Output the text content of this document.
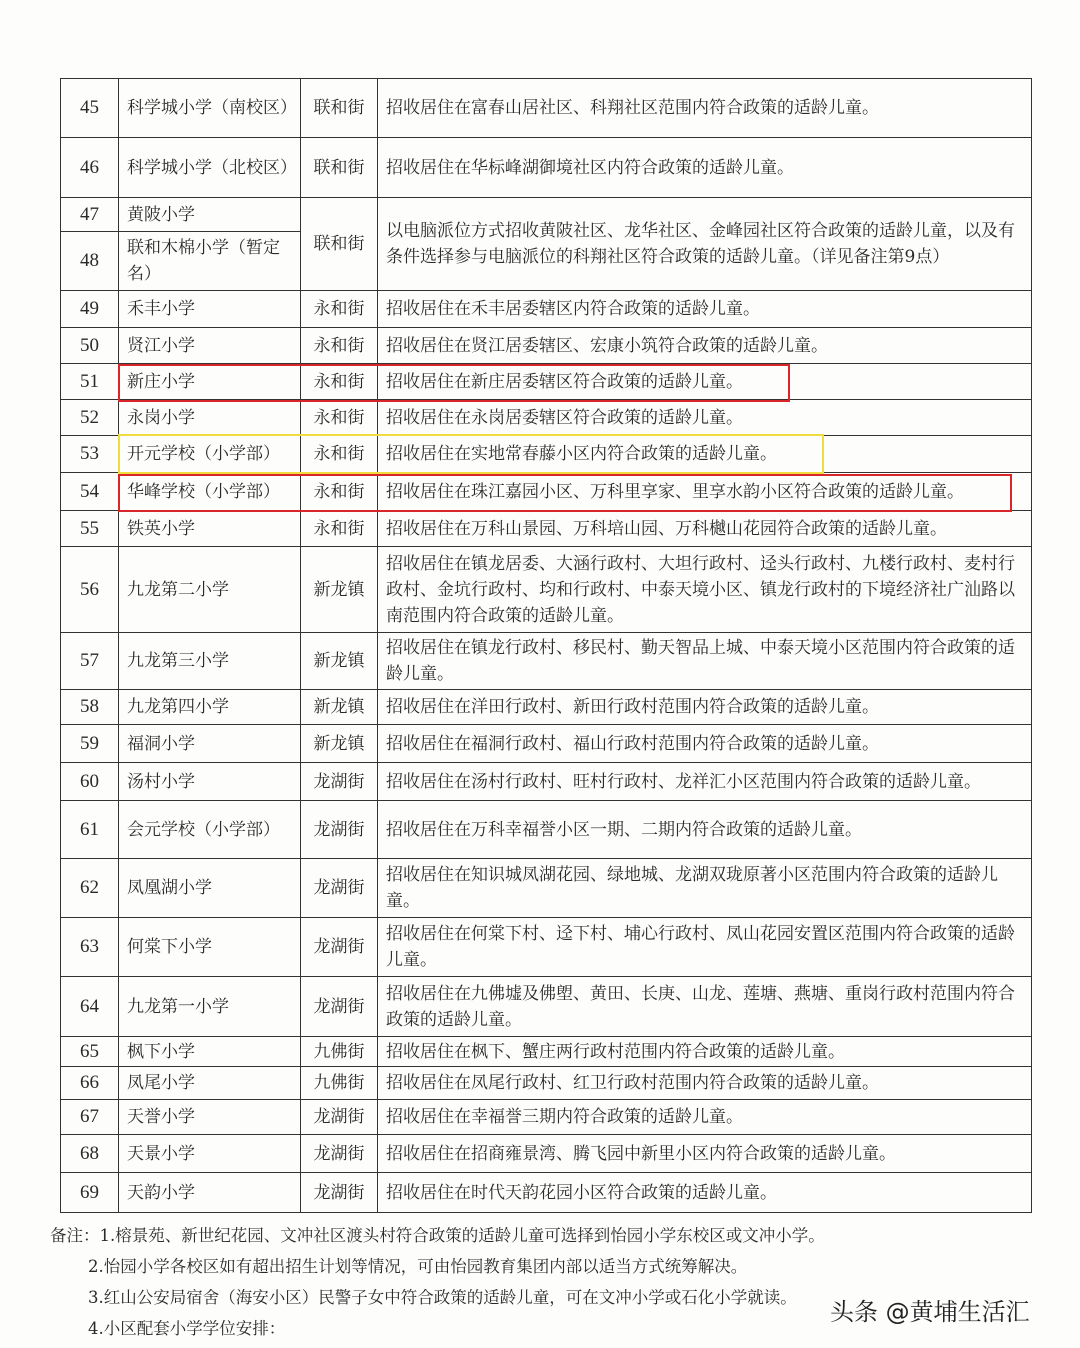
45	科学城小学（南校区）	联和街	招收居住在富春山居社区、科翔社区范围内符合政策的适龄儿童。
46	科学城小学（北校区）	联和街	招收居住在华标峰湖御境社区内符合政策的适龄儿童。
47	黄陂小学	联和街	以电脑派位方式招收黄陂社区、龙华社区、金峰园社区符合政策的适龄儿童，以及有条件选择参与电脑派位的科翔社区符合政策的适龄儿童。（详见备注第9点）
48	联和木棉小学（暂定名）		
49	禾丰小学	永和街	招收居住在禾丰居委辖区内符合政策的适龄儿童。
50	贤江小学	永和街	招收居住在贤江居委辖区、宏康小筑符合政策的适龄儿童。
51	新庄小学	永和街	招收居住在新庄居委辖区符合政策的适龄儿童。
52	永岗小学	永和街	招收居住在永岗居委辖区符合政策的适龄儿童。
53	开元学校（小学部）	永和街	招收居住在实地常春藤小区内符合政策的适龄儿童。
54	华峰学校（小学部）	永和街	招收居住在珠江嘉园小区、万科里享家、里享水韵小区符合政策的适龄儿童。
55	铁英小学	永和街	招收居住在万科山景园、万科培山园、万科樾山花园符合政策的适龄儿童。
56	九龙第二小学	新龙镇	招收居住在镇龙居委、大涵行政村、大坦行政村、迳头行政村、九楼行政村、麦村行政村、金坑行政村、均和行政村、中泰天境小区、镇龙行政村的下境经济社广汕路以南范围内符合政策的适龄儿童。
57	九龙第三小学	新龙镇	招收居住在镇龙行政村、移民村、勤天智品上城、中泰天境小区范围内符合政策的适龄儿童。
58	九龙第四小学	新龙镇	招收居住在洋田行政村、新田行政村范围内符合政策的适龄儿童。
59	福洞小学	新龙镇	招收居住在福洞行政村、福山行政村范围内符合政策的适龄儿童。
60	汤村小学	龙湖街	招收居住在汤村行政村、旺村行政村、龙祥汇小区范围内符合政策的适龄儿童。
61	会元学校（小学部）	龙湖街	招收居住在万科幸福誉小区一期、二期内符合政策的适龄儿童。
62	凤凰湖小学	龙湖街	招收居住在知识城凤湖花园、绿地城、龙湖双珑原著小区范围内符合政策的适龄儿童。
63	何棠下小学	龙湖街	招收居住在何棠下村、迳下村、埔心行政村、凤山花园安置区范围内符合政策的适龄儿童。
64	九龙第一小学	龙湖街	招收居住在九佛墟及佛塱、黄田、长庚、山龙、莲塘、燕塘、重岗行政村范围内符合政策的适龄儿童。
65	枫下小学	九佛街	招收居住在枫下、蟹庄两行政村范围内符合政策的适龄儿童。
66	凤尾小学	九佛街	招收居住在凤尾行政村、红卫行政村范围内符合政策的适龄儿童。
67	天誉小学	龙湖街	招收居住在幸福誉三期内符合政策的适龄儿童。
68	天景小学	龙湖街	招收居住在招商雍景湾、腾飞园中新里小区内符合政策的适龄儿童。
69	天韵小学	龙湖街	招收居住在时代天韵花园小区符合政策的适龄儿童。
备注：1.榕景苑、新世纪花园、文冲社区渡头村符合政策的适龄儿童可选择到怡园小学东校区或文冲小学。
2.怡园小学各校区如有超出招生计划等情况，可由怡园教育集团内部以适当方式统筹解决。
3.红山公安局宿舍（海安小区）民警子女中符合政策的适龄儿童，可在文冲小学或石化小学就读。
4.小区配套小学学位安排：
头条 @黄埔生活汇
